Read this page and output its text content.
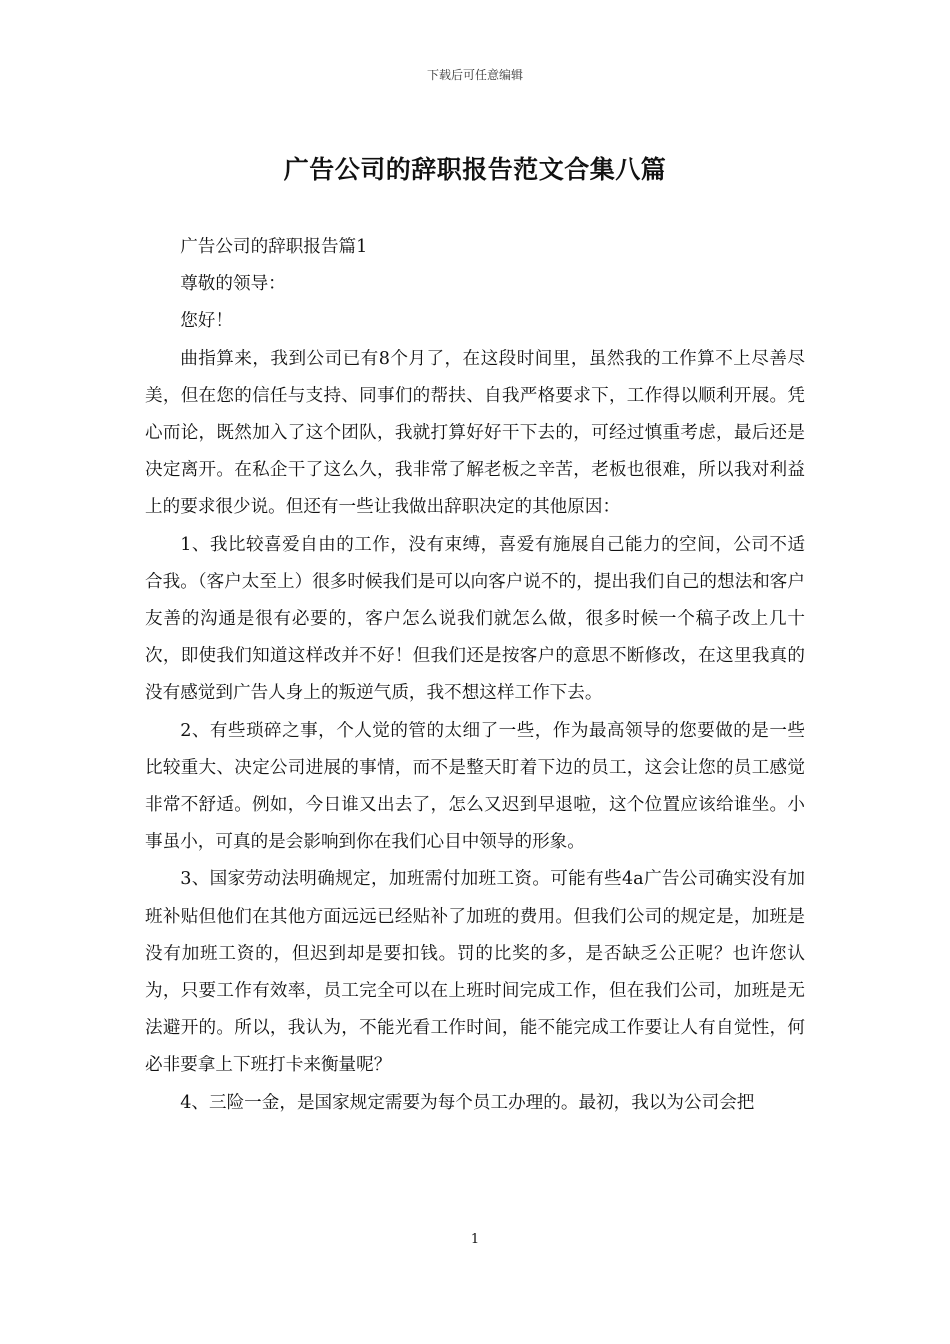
下载后可任意编辑
广告公司的辞职报告范文合集八篇

广告公司的辞职报告篇1

尊敬的领导：

您好！

曲指算来，我到公司已有8个月了，在这段时间里，虽然我的工作算不上尽善尽美，但在您的信任与支持、同事们的帮扶、自我严格要求下，工作得以顺利开展。凭心而论，既然加入了这个团队，我就打算好好干下去的，可经过慎重考虑，最后还是决定离开。在私企干了这么久，我非常了解老板之辛苦，老板也很难，所以我对利益上的要求很少说。但还有一些让我做出辞职决定的其他原因：

1、我比较喜爱自由的工作，没有束缚，喜爱有施展自己能力的空间，公司不适合我。（客户太至上）很多时候我们是可以向客户说不的，提出我们自己的想法和客户友善的沟通是很有必要的，客户怎么说我们就怎么做，很多时候一个稿子改上几十次，即使我们知道这样改并不好！但我们还是按客户的意思不断修改，在这里我真的没有感觉到广告人身上的叛逆气质，我不想这样工作下去。

2、有些琐碎之事，个人觉的管的太细了一些，作为最高领导的您要做的是一些比较重大、决定公司进展的事情，而不是整天盯着下边的员工，这会让您的员工感觉非常不舒适。例如，今日谁又出去了，怎么又迟到早退啦，这个位置应该给谁坐。小事虽小，可真的是会影响到你在我们心目中领导的形象。

3、国家劳动法明确规定，加班需付加班工资。可能有些4a广告公司确实没有加班补贴但他们在其他方面远远已经贴补了加班的费用。但我们公司的规定是，加班是没有加班工资的，但迟到却是要扣钱。罚的比奖的多，是否缺乏公正呢？也许您认为，只要工作有效率，员工完全可以在上班时间完成工作，但在我们公司，加班是无法避开的。所以，我认为，不能光看工作时间，能不能完成工作要让人有自觉性，何必非要拿上下班打卡来衡量呢？

4、三险一金，是国家规定需要为每个员工办理的。最初，我以为公司会把

1
